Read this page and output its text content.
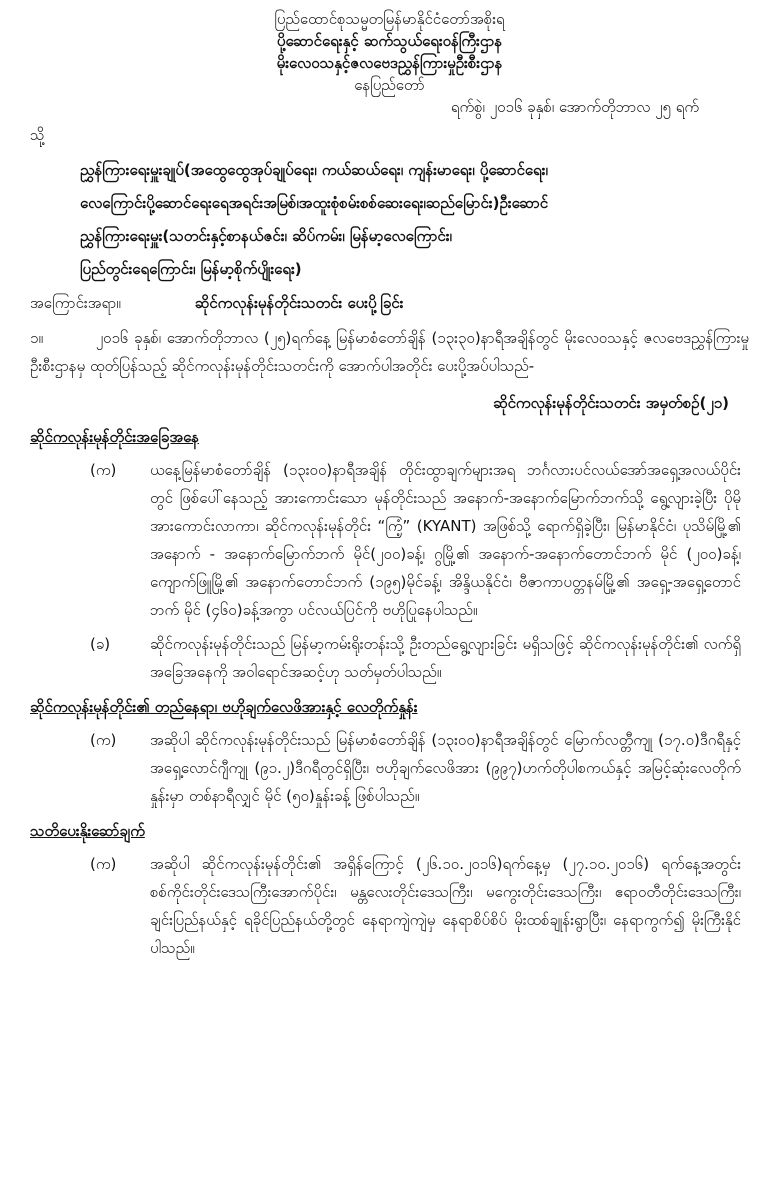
ပြည်ထောင်စုသမ္မတမြန်မာနိုင်ငံတော်အစိုးရ
ပို့ဆောင်ရေးနှင့် ဆက်သွယ်ရေးဝန်ကြီးဌာန
မိုးလေဝသနှင့်ဇလဗေဒညွှန်ကြားမှုဦးစီးဌာန
နေပြည်တော်
ရက်စွဲ၊ ၂၀၁၆ ခုနှစ်၊ အောက်တိုဘာလ ၂၅ ရက်
သို့
ညွှန်ကြားရေးမှူးချုပ်(အထွေထွေအုပ်ချုပ်ရေး၊ ကယ်ဆယ်ရေး၊ ကျန်းမာရေး၊ ပို့ဆောင်ရေး၊
လေကြောင်းပို့ဆောင်ရေးရေအရင်းအမြစ်၊အထူးစုံစမ်းစစ်ဆေးရေး၊ဆည်မြောင်း)ဦးဆောင်
ညွှန်ကြားရေးမှူး(သတင်းနှင့်စာနယ်ဇင်း၊ ဆိပ်ကမ်း၊ မြန်မာ့လေကြောင်း၊
ပြည်တွင်းရေကြောင်း၊ မြန်မာ့စိုက်ပျိုးရေး)
အကြောင်းအရာ။	ဆိုင်ကလုန်းမုန်တိုင်းသတင်း ပေးပို့ခြင်း
၁။	၂၀၁၆ ခုနှစ်၊ အောက်တိုဘာလ (၂၅)ရက်နေ့ မြန်မာစံတော်ချိန် (၁၃း၃၀)နာရီအချိန်တွင် မိုးလေဝသနှင့် ဇလဗေဒညွှန်ကြားမှုဦးစီးဌာနမှ ထုတ်ပြန်သည့် ဆိုင်ကလုန်းမုန်တိုင်းသတင်းကို အောက်ပါအတိုင်း ပေးပို့အပ်ပါသည်-
ဆိုင်ကလုန်းမုန်တိုင်းသတင်း အမှတ်စဉ်(၂၁)
ဆိုင်ကလုန်းမုန်တိုင်းအခြေအနေ
(က)	ယနေ့မြန်မာစံတော်ချိန် (၁၃း၀၀)နာရီအချိန် တိုင်းထွာချက်များအရ ဘင်္ဂလားပင်လယ်အော်အရှေ့အလယ်ပိုင်းတွင် ဖြစ်ပေါ်နေသည့် အားကောင်းသော မုန်တိုင်းသည် အနောက်-အနောက်မြောက်ဘက်သို့ ရွေ့လျားခဲ့ပြီး ပိုမိုအားကောင်းလာကာ၊ ဆိုင်ကလုန်းမုန်တိုင်း “ကြံ့” (KYANT) အဖြစ်သို့ ရောက်ရှိခဲ့ပြီး၊ မြန်မာနိုင်ငံ၊ ပုသိမ်မြို့၏ အနောက် - အနောက်မြောက်ဘက် မိုင်(၂၀၀)ခန့်၊ ဂွမြို့၏ အနောက်-အနောက်တောင်ဘက် မိုင် (၂၀၀)ခန့်၊ ကျောက်ဖြူမြို့၏ အနောက်တောင်ဘက် (၁၉၅)မိုင်ခန့်၊ အိန္ဒိယနိုင်ငံ၊ ဗီဇာကာပတ္တနမ်မြို့၏ အရှေ့-အရှေ့တောင်ဘက် မိုင် (၄၆၀)ခန့်အကွာ ပင်လယ်ပြင်ကို ဗဟိုပြုနေပါသည်။
(ခ)	ဆိုင်ကလုန်းမုန်တိုင်းသည် မြန်မာ့ကမ်းရိုးတန်းသို့ ဦးတည်ရွေ့လျားခြင်း မရှိသဖြင့် ဆိုင်ကလုန်းမုန်တိုင်း၏ လက်ရှိအခြေအနေကို အဝါရောင်အဆင့်ဟု သတ်မှတ်ပါသည်။
ဆိုင်ကလုန်းမုန်တိုင်း၏ တည်နေရာ၊ ဗဟိုချက်လေဖိအားနှင့် လေတိုက်နှုန်း
(က)	အဆိုပါ ဆိုင်ကလုန်းမုန်တိုင်းသည် မြန်မာစံတော်ချိန် (၁၃း၀၀)နာရီအချိန်တွင် မြောက်လတ္တီကျု (၁၇.၀)ဒီဂရီနှင့် အရှေ့လောင်ဂျီကျု (၉၁.၂)ဒီဂရီတွင်ရှိပြီး၊ ဗဟိုချက်လေဖိအား (၉၉၇)ဟက်တိုပါစကယ်နှင့် အမြင့်ဆုံးလေတိုက်နှုန်းမှာ တစ်နာရီလျှင် မိုင် (၅၀)နှုန်းခန့် ဖြစ်ပါသည်။
သတိပေးနိုးဆော်ချက်
(က)	အဆိုပါ ဆိုင်ကလုန်းမုန်တိုင်း၏ အရှိန်ကြောင့် (၂၆.၁၀.၂၀၁၆)ရက်နေ့မှ (၂၇.၁၀.၂၀၁၆) ရက်နေ့အတွင်း စစ်ကိုင်းတိုင်းဒေသကြီးအောက်ပိုင်း၊ မန္တလေးတိုင်းဒေသကြီး၊ မကွေးတိုင်းဒေသကြီး၊ ဧရာဝတီတိုင်းဒေသကြီး၊ ချင်းပြည်နယ်နှင့် ရခိုင်ပြည်နယ်တို့တွင် နေရာကျဲကျဲမှ နေရာစိပ်စိပ် မိုးထစ်ချုန်းရွာပြီး၊ နေရာကွက်၍ မိုးကြီးနိုင်ပါသည်။
